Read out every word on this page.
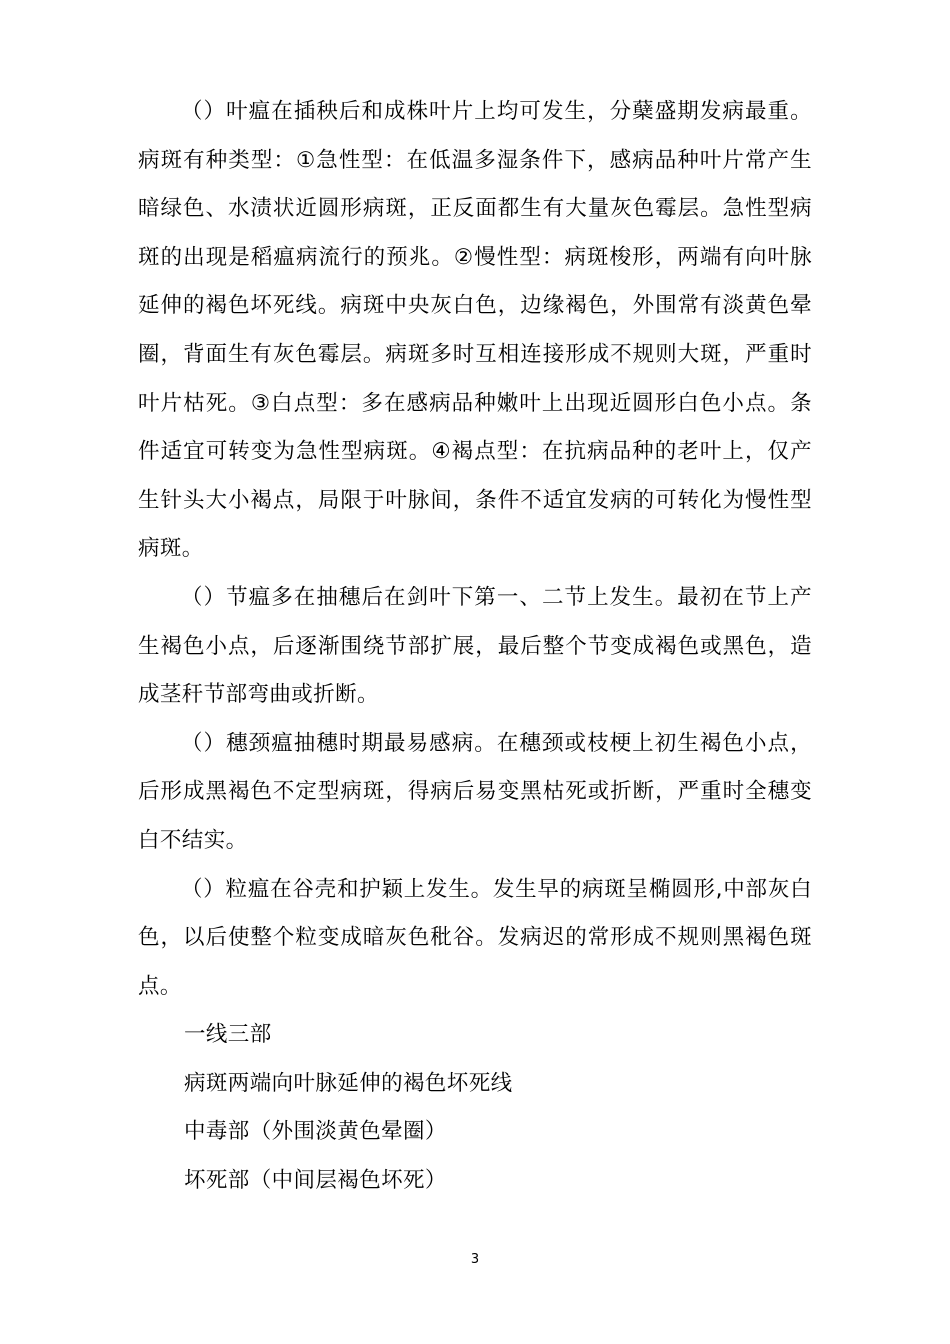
（）叶瘟在插秧后和成株叶片上均可发生，分蘖盛期发病最重。病斑有种类型：①急性型：在低温多湿条件下，感病品种叶片常产生暗绿色、水渍状近圆形病斑，正反面都生有大量灰色霉层。急性型病斑的出现是稻瘟病流行的预兆。②慢性型：病斑梭形，两端有向叶脉延伸的褐色坏死线。病斑中央灰白色，边缘褐色，外围常有淡黄色晕圈，背面生有灰色霉层。病斑多时互相连接形成不规则大斑，严重时叶片枯死。③白点型：多在感病品种嫩叶上出现近圆形白色小点。条件适宜可转变为急性型病斑。④褐点型：在抗病品种的老叶上，仅产生针头大小褐点，局限于叶脉间，条件不适宜发病的可转化为慢性型病斑。

（）节瘟多在抽穗后在剑叶下第一、二节上发生。最初在节上产生褐色小点，后逐渐围绕节部扩展，最后整个节变成褐色或黑色，造成茎秆节部弯曲或折断。

（）穗颈瘟抽穗时期最易感病。在穗颈或枝梗上初生褐色小点，后形成黑褐色不定型病斑，得病后易变黑枯死或折断，严重时全穗变白不结实。

（）粒瘟在谷壳和护颖上发生。发生早的病斑呈椭圆形,中部灰白色，以后使整个粒变成暗灰色秕谷。发病迟的常形成不规则黑褐色斑点。

一线三部

病斑两端向叶脉延伸的褐色坏死线

中毒部（外围淡黄色晕圈）

坏死部（中间层褐色坏死）

3
